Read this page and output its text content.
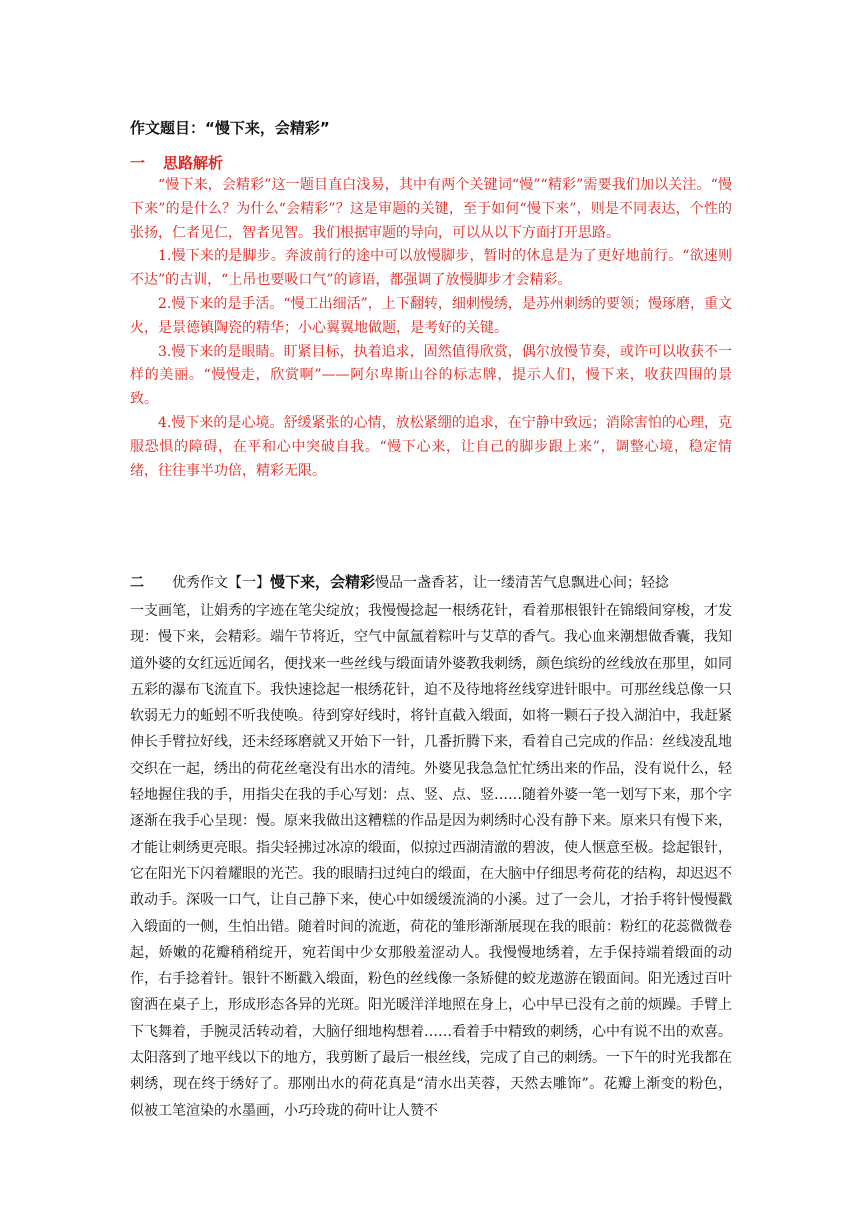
作文题目：“慢下来，会精彩”
一 思路解析

“慢下来，会精彩”这一题目直白浅易，其中有两个关键词“慢”“精彩”需要我们加以关注。“慢下来”的是什么？为什么“会精彩”？这是审题的关键，至于如何“慢下来”，则是不同表达，个性的张扬，仁者见仁，智者见智。我们根据审题的导向，可以从以下方面打开思路。

1.慢下来的是脚步。奔波前行的途中可以放慢脚步，暂时的休息是为了更好地前行。“欲速则不达”的古训，“上吊也要吸口气”的谚语，都强调了放慢脚步才会精彩。

2.慢下来的是手活。“慢工出细活”，上下翻转，细刺慢绣，是苏州刺绣的要领；慢琢磨，重文火，是景德镇陶瓷的精华；小心翼翼地做题，是考好的关键。

3.慢下来的是眼睛。盯紧目标，执着追求，固然值得欣赏，偶尔放慢节奏，或许可以收获不一样的美丽。“慢慢走，欣赏啊”——阿尔卑斯山谷的标志牌，提示人们，慢下来，收获四围的景致。

4.慢下来的是心境。舒缓紧张的心情，放松紧绷的追求，在宁静中致远；消除害怕的心理，克服恐惧的障碍，在平和心中突破自我。“慢下心来，让自己的脚步跟上来”，调整心境，稳定情绪，往往事半功倍，精彩无限。

二 优秀作文【一】慢下来，会精彩慢品一盏香茗，让一缕清苦气息飘进心间；轻捻

一支画笔，让娟秀的字迹在笔尖绽放；我慢慢捻起一根绣花针，看着那根银针在锦缎间穿梭，才发现：慢下来，会精彩。端午节将近，空气中氤氲着粽叶与艾草的香气。我心血来潮想做香囊，我知道外婆的女红远近闻名，便找来一些丝线与缎面请外婆教我刺绣，颜色缤纷的丝线放在那里，如同五彩的瀑布飞流直下。我快速捻起一根绣花针，迫不及待地将丝线穿进针眼中。可那丝线总像一只软弱无力的蚯蚓不听我使唤。待到穿好线时，将针直截入缎面，如将一颗石子投入湖泊中，我赶紧伸长手臂拉好线，还未经琢磨就又开始下一针，几番折腾下来，看着自己完成的作品：丝线凌乱地交织在一起，绣出的荷花丝毫没有出水的清纯。外婆见我急急忙忙绣出来的作品，没有说什么，轻轻地握住我的手，用指尖在我的手心写划：点、竖、点、竖……随着外婆一笔一划写下来，那个字逐渐在我手心呈现：慢。原来我做出这糟糕的作品是因为刺绣时心没有静下来。原来只有慢下来，才能让刺绣更亮眼。指尖轻拂过冰凉的缎面，似掠过西湖清澈的碧波，使人惬意至极。捻起银针，它在阳光下闪着耀眼的光芒。我的眼睛扫过纯白的缎面，在大脑中仔细思考荷花的结构，却迟迟不敢动手。深吸一口气，让自己静下来，使心中如缓缓流淌的小溪。过了一会儿，才抬手将针慢慢戳入缎面的一侧，生怕出错。随着时间的流逝，荷花的雏形渐渐展现在我的眼前：粉红的花蕊微微卷起，娇嫩的花瓣稍稍绽开，宛若闺中少女那般羞涩动人。我慢慢地绣着，左手保持端着缎面的动作，右手捻着针。银针不断戳入缎面，粉色的丝线像一条矫健的蛟龙遨游在锻面间。阳光透过百叶窗洒在桌子上，形成形态各异的光斑。阳光暖洋洋地照在身上，心中早已没有之前的烦躁。手臂上下飞舞着，手腕灵活转动着，大脑仔细地构想着……看着手中精致的刺绣，心中有说不出的欢喜。太阳落到了地平线以下的地方，我剪断了最后一根丝线，完成了自己的刺绣。一下午的时光我都在刺绣，现在终于绣好了。那刚出水的荷花真是“清水出芙蓉，天然去雕饰”。花瓣上渐变的粉色，似被工笔渲染的水墨画，小巧玲珑的荷叶让人赞不
